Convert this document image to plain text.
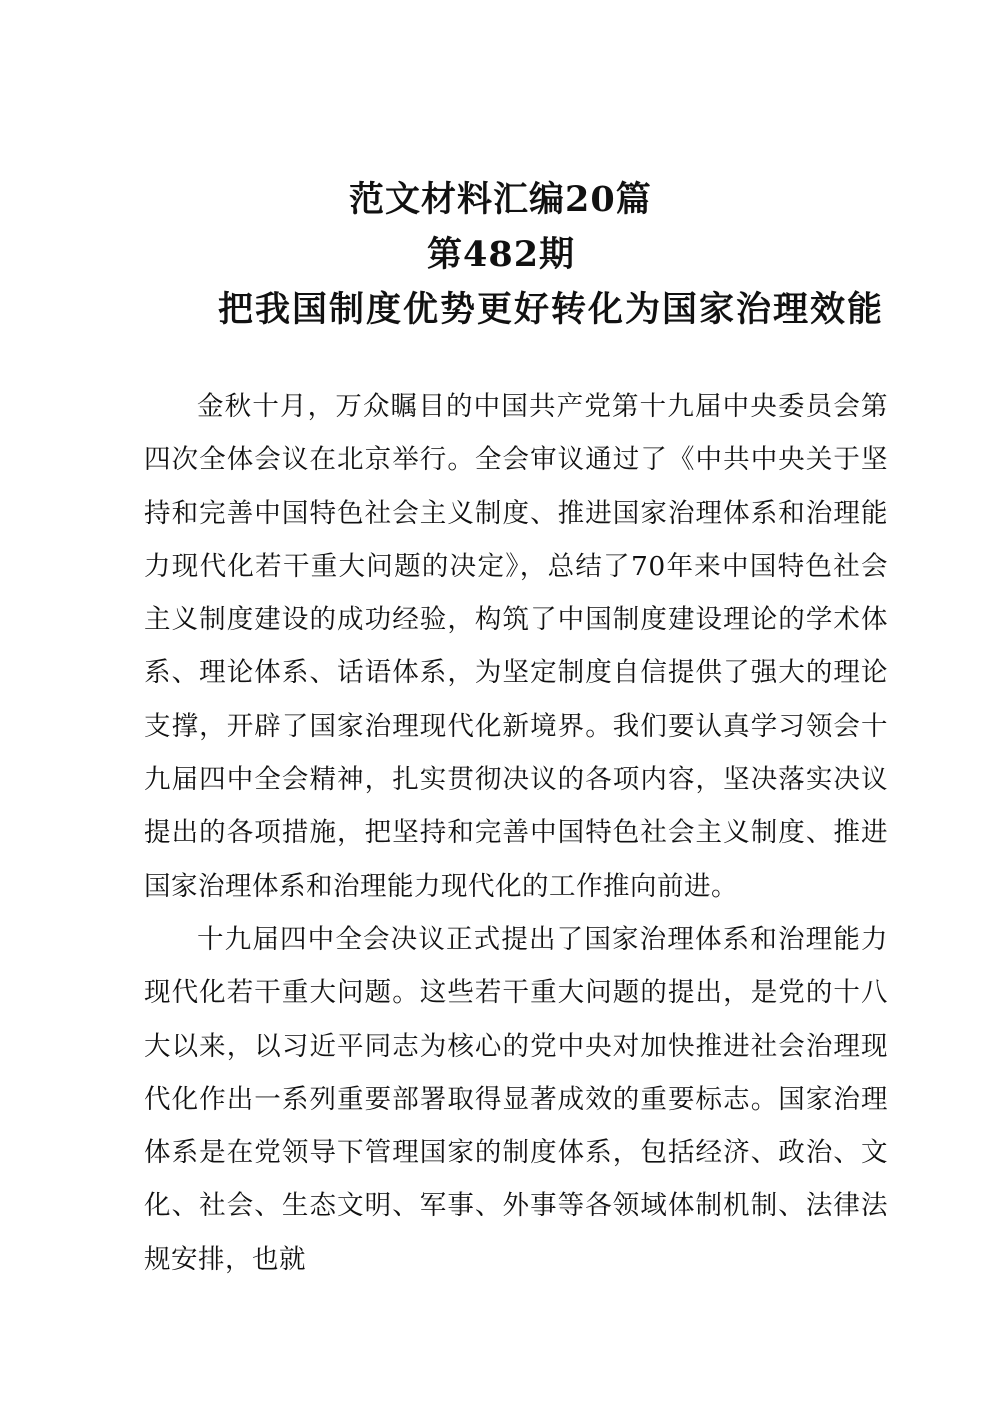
范文材料汇编20篇
第482期
把我国制度优势更好转化为国家治理效能

金秋十月，万众瞩目的中国共产党第十九届中央委员会第四次全体会议在北京举行。全会审议通过了《中共中央关于坚持和完善中国特色社会主义制度、推进国家治理体系和治理能力现代化若干重大问题的决定》，总结了70年来中国特色社会主义制度建设的成功经验，构筑了中国制度建设理论的学术体系、理论体系、话语体系，为坚定制度自信提供了强大的理论支撑，开辟了国家治理现代化新境界。我们要认真学习领会十九届四中全会精神，扎实贯彻决议的各项内容，坚决落实决议提出的各项措施，把坚持和完善中国特色社会主义制度、推进国家治理体系和治理能力现代化的工作推向前进。

十九届四中全会决议正式提出了国家治理体系和治理能力现代化若干重大问题。这些若干重大问题的提出，是党的十八大以来，以习近平同志为核心的党中央对加快推进社会治理现代化作出一系列重要部署取得显著成效的重要标志。国家治理体系是在党领导下管理国家的制度体系，包括经济、政治、文化、社会、生态文明、军事、外事等各领域体制机制、法律法规安排，也就
